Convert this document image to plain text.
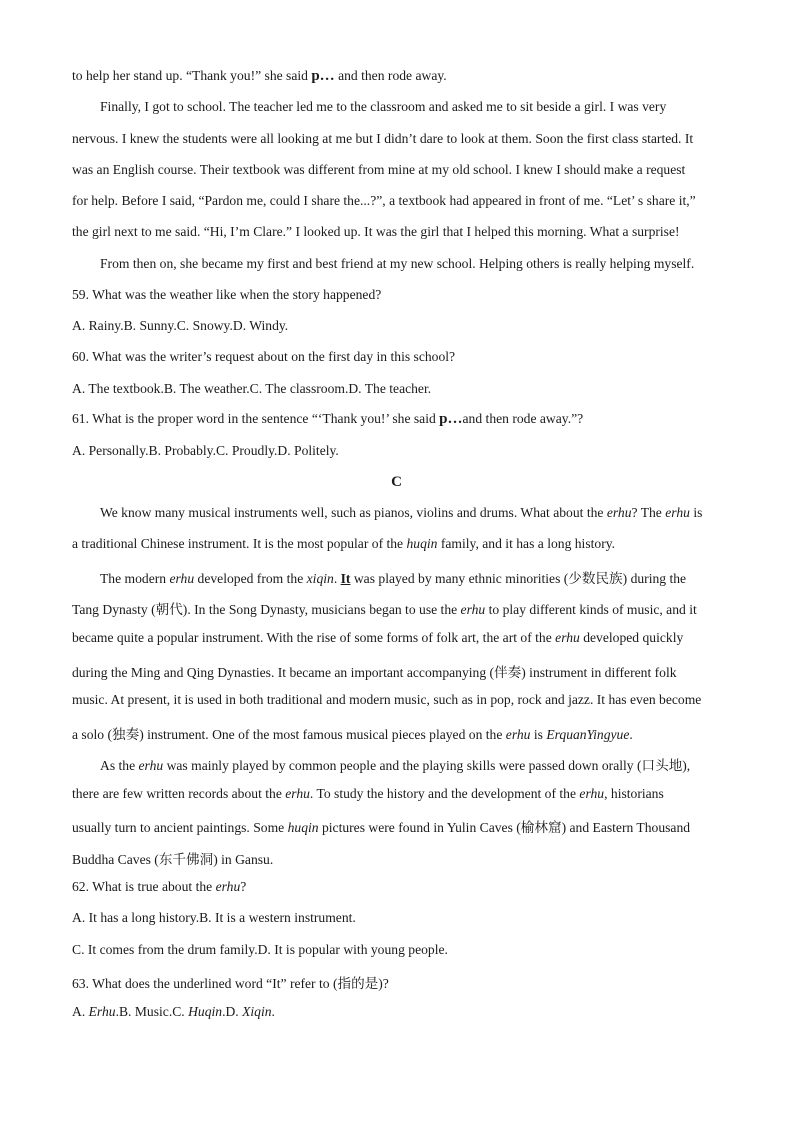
to help her stand up. “Thank you!” she said p… and then rode away.
Finally, I got to school. The teacher led me to the classroom and asked me to sit beside a girl. I was very
nervous. I knew the students were all looking at me but I didn’t dare to look at them. Soon the first class started. It
was an English course. Their textbook was different from mine at my old school. I knew I should make a request
for help. Before I said, “Pardon me, could I share the...?”, a textbook had appeared in front of me. “Let’ s share it,”
the girl next to me said. “Hi, I’m Clare.” I looked up. It was the girl that I helped this morning. What a surprise!
From then on, she became my first and best friend at my new school. Helping others is really helping myself.
59. What was the weather like when the story happened?
A. Rainy.B. Sunny.C. Snowy.D. Windy.
60. What was the writer’s request about on the first day in this school?
A. The textbook.B. The weather.C. The classroom.D. The teacher.
61. What is the proper word in the sentence “‘Thank you!’ she said p…and then rode away.”?
A. Personally.B. Probably.C. Proudly.D. Politely.
C
We know many musical instruments well, such as pianos, violins and drums. What about the erhu? The erhu is
a traditional Chinese instrument. It is the most popular of the huqin family, and it has a long history.
The modern erhu developed from the xiqin. It was played by many ethnic minorities (少数民族) during the
Tang Dynasty (朝代). In the Song Dynasty, musicians began to use the erhu to play different kinds of music, and it
became quite a popular instrument. With the rise of some forms of folk art, the art of the erhu developed quickly
during the Ming and Qing Dynasties. It became an important accompanying (伴奏) instrument in different folk
music. At present, it is used in both traditional and modern music, such as in pop, rock and jazz. It has even become
a solo (独奏) instrument. One of the most famous musical pieces played on the erhu is ErquanYingyue.
As the erhu was mainly played by common people and the playing skills were passed down orally (口头地),
there are few written records about the erhu. To study the history and the development of the erhu, historians
usually turn to ancient paintings. Some huqin pictures were found in Yulin Caves (榆林窟) and Eastern Thousand
Buddha Caves (东千佛洞) in Gansu.
62. What is true about the erhu?
A. It has a long history.B. It is a western instrument.
C. It comes from the drum family.D. It is popular with young people.
63. What does the underlined word “It” refer to (指的是)?
A. Erhu.B. Music.C. Huqin.D. Xiqin.
